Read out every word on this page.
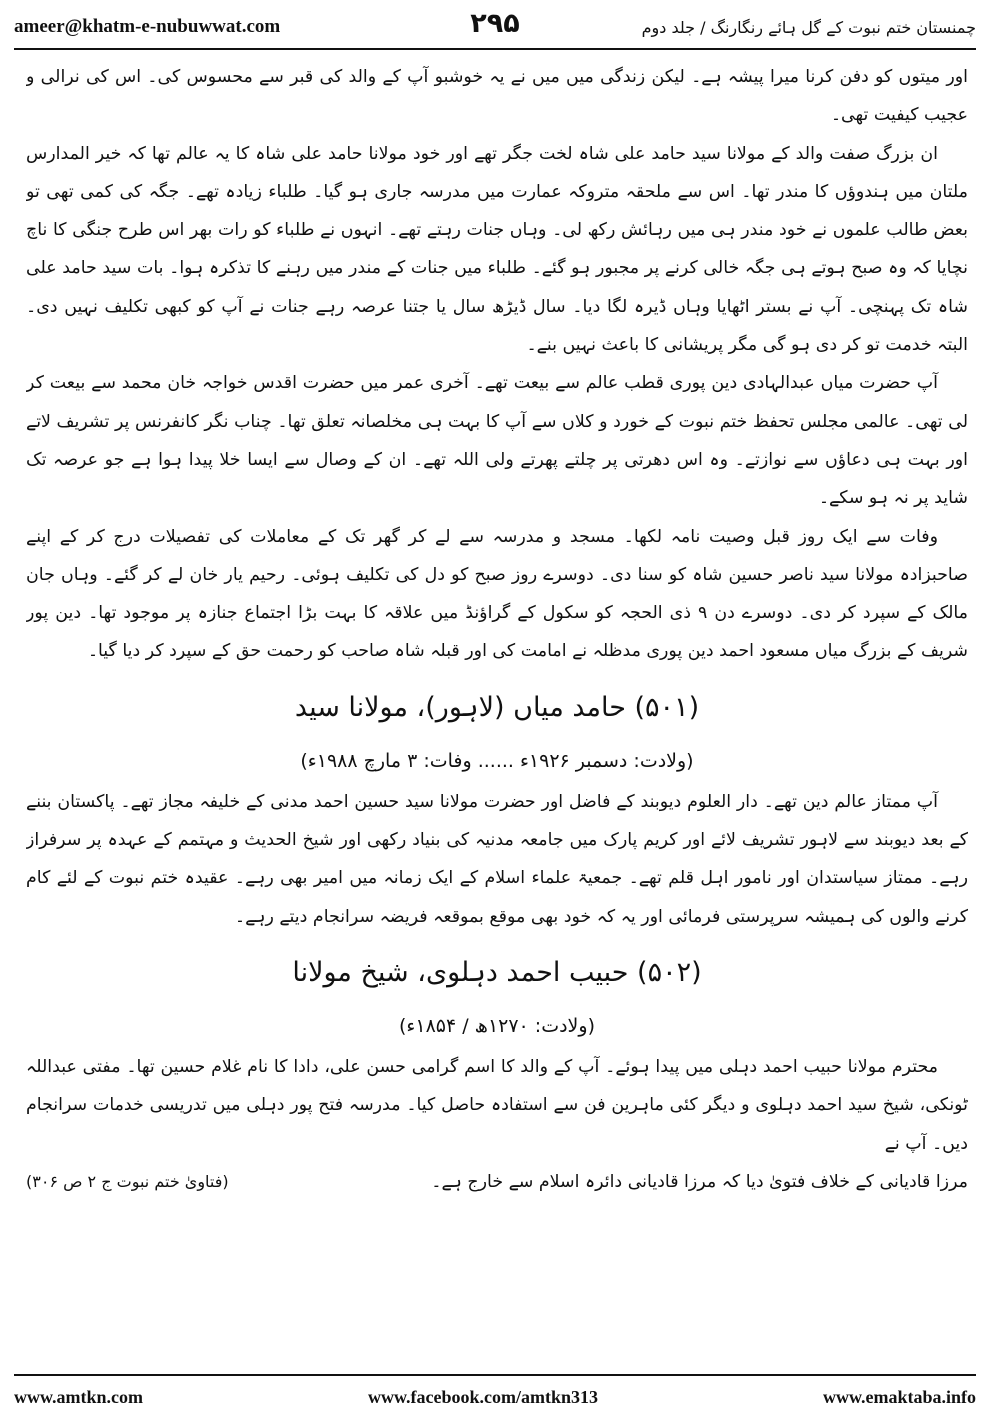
ameer@khatm-e-nubuwwat.com	۲۹۵	چمنستان ختم نبوت کے گل ہائے رنگارنگ / جلد دوم

اور میتوں کو دفن کرنا میرا پیشہ ہے۔ لیکن زندگی میں میں نے یہ خوشبو آپ کے والد کی قبر سے محسوس کی۔ اس کی نرالی و عجیب کیفیت تھی۔

ان بزرگ صفت والد کے مولانا سید حامد علی شاہ لخت جگر تھے اور خود مولانا حامد علی شاہ کا یہ عالم تھا کہ خیر المدارس ملتان میں ہندوؤں کا مندر تھا۔ اس سے ملحقہ متروکہ عمارت میں مدرسہ جاری ہو گیا۔ طلباء زیادہ تھے۔ جگہ کی کمی تھی تو بعض طالب علموں نے خود مندر ہی میں رہائش رکھ لی۔ وہاں جنات رہتے تھے۔ انہوں نے طلباء کو رات بھر اس طرح جنگی کا ناچ نچایا کہ وہ صبح ہوتے ہی جگہ خالی کرنے پر مجبور ہو گئے۔ طلباء میں جنات کے مندر میں رہنے کا تذکرہ ہوا۔ بات سید حامد علی شاہ تک پہنچی۔ آپ نے بستر اٹھایا وہاں ڈیرہ لگا دیا۔ سال ڈیڑھ سال یا جتنا عرصہ رہے جنات نے آپ کو کبھی تکلیف نہیں دی۔ البتہ خدمت تو کر دی ہو گی مگر پریشانی کا باعث نہیں بنے۔

آپ حضرت میاں عبدالہادی دین پوری قطب عالم سے بیعت تھے۔ آخری عمر میں حضرت اقدس خواجہ خان محمد سے بیعت کر لی تھی۔ عالمی مجلس تحفظ ختم نبوت کے خورد و کلاں سے آپ کا بہت ہی مخلصانہ تعلق تھا۔ چناب نگر کانفرنس پر تشریف لاتے اور بہت ہی دعاؤں سے نوازتے۔ وہ اس دھرتی پر چلتے پھرتے ولی اللہ تھے۔ ان کے وصال سے ایسا خلا پیدا ہوا ہے جو عرصہ تک شاید پر نہ ہو سکے۔

وفات سے ایک روز قبل وصیت نامہ لکھا۔ مسجد و مدرسہ سے لے کر گھر تک کے معاملات کی تفصیلات درج کر کے اپنے صاحبزادہ مولانا سید ناصر حسین شاہ کو سنا دی۔ دوسرے روز صبح کو دل کی تکلیف ہوئی۔ رحیم یار خان لے کر گئے۔ وہاں جان مالک کے سپرد کر دی۔ دوسرے دن ۹ ذی الحجہ کو سکول کے گراؤنڈ میں علاقہ کا بہت بڑا اجتماع جنازہ پر موجود تھا۔ دین پور شریف کے بزرگ میاں مسعود احمد دین پوری مدظلہ نے امامت کی اور قبلہ شاہ صاحب کو رحمت حق کے سپرد کر دیا گیا۔

(۵۰۱) حامد میاں (لاہور)، مولانا سید
(ولادت: دسمبر ۱۹۲۶ء ...... وفات: ۳ مارچ ۱۹۸۸ء)

آپ ممتاز عالم دین تھے۔ دار العلوم دیوبند کے فاضل اور حضرت مولانا سید حسین احمد مدنی کے خلیفہ مجاز تھے۔ پاکستان بننے کے بعد دیوبند سے لاہور تشریف لائے اور کریم پارک میں جامعہ مدنیہ کی بنیاد رکھی اور شیخ الحدیث و مہتمم کے عہدہ پر سرفراز رہے۔ ممتاز سیاستدان اور نامور اہل قلم تھے۔ جمعیۃ علماء اسلام کے ایک زمانہ میں امیر بھی رہے۔ عقیدہ ختم نبوت کے لئے کام کرنے والوں کی ہمیشہ سرپرستی فرمائی اور یہ کہ خود بھی موقع بموقعہ فریضہ سرانجام دیتے رہے۔

(۵۰۲) حبیب احمد دہلوی، شیخ مولانا
(ولادت: ۱۲۷۰ھ / ۱۸۵۴ء)

محترم مولانا حبیب احمد دہلی میں پیدا ہوئے۔ آپ کے والد کا اسم گرامی حسن علی، دادا کا نام غلام حسین تھا۔ مفتی عبداللہ ٹونکی، شیخ سید احمد دہلوی و دیگر کئی ماہرین فن سے استفادہ حاصل کیا۔ مدرسہ فتح پور دہلی میں تدریسی خدمات سرانجام دیں۔ آپ نے

مرزا قادیانی کے خلاف فتویٰ دیا کہ مرزا قادیانی دائرہ اسلام سے خارج ہے۔
(فتاویٰ ختم نبوت ج ۲ ص ۳۰۶)
www.amtkn.com	www.facebook.com/amtkn313	www.emaktaba.info
